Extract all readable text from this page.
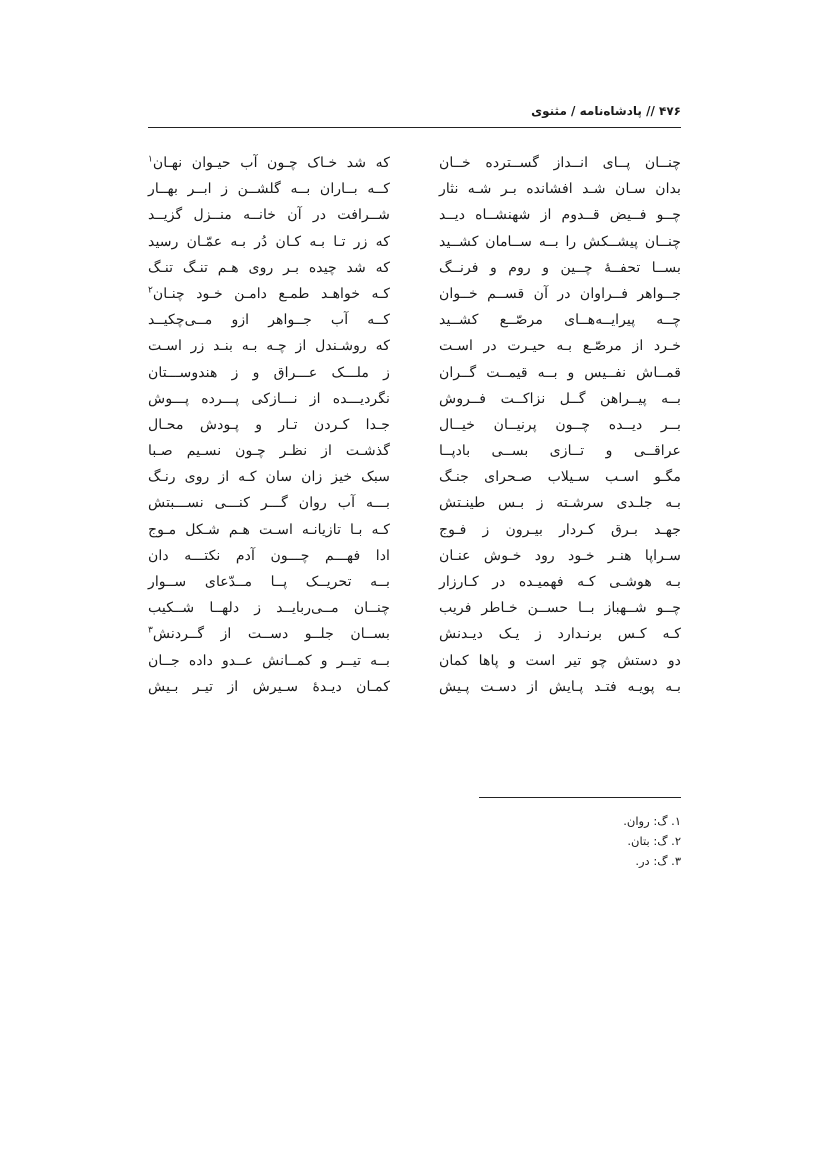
۴۷۶ // پادشاه‌نامه / مثنوی
چنــان پــای انــداز گســترده خــان
که شد خـاک چـون آب حیـوان نهـان$^۱$
بدان سـان شـد افشانده بـر شـه نثار
کــه بــاران بــه گلشــن ز ابــر بهــار
چــو فــیض قــدوم از شهنشــاه دیــد
شــرافت در آن خانــه منــزل گزیــد
چنــان پیشــکش را بــه ســامان کشــید
که زر تـا بـه کـان دُر بـه عمّـان رسید
بســا تحفــهٔ چــین و روم و فرنــگ
که شد چیده بـر روی هـم تنـگ تنـگ
جــواهر فــراوان در آن قســم خــوان
کـه خواهـد طمـع دامـن خـود چنـان$^۲$
چــه پیرایــه‌هــای مرصّــع کشــید
کــه آب جــواهر ازو مــی‌چکیــد
خـرد از مرصّـع بـه حیـرت در اسـت
که روشـندل از چـه بـه بنـد زر اسـت
قمــاش نفــیس و بــه قیمــت گــران
ز ملـــک عـــراق و ز هندوســـتان
بــه پیــراهن گــل نزاکــت فــروش
نگردیـــده از نـــازکی پـــرده پـــوش
بــر دیــده چــون پرنیــان خیــال
جـدا کـردن تـار و پـودش محـال
عراقــی و تــازی بســی بادپــا
گذشـت از نظـر چـون نسـیم صـبا
مگـو اسـب سـیلاب صـحرای جنـگ
سبک خیز زان سان کـه از روی رنـگ
بـه جلـدی سرشـته ز بـس طینـتش
بـــه آب روان گـــر کنـــی نســـبتش
جهـد بـرق کـردار بیـرون ز فـوج
کـه بـا تازیانـه اسـت هـم شـکل مـوج
سـراپا هنـر خـود رود خـوش عنـان
ادا فهـــم چـــون آدم نکتـــه دان
بـه هوشـی کـه فهمیـده در کـارزار
بــه تحریــک پــا مــدّعای ســوار
چــو شــهباز بــا حســن خـاطر فریب
چنــان مــی‌ربایــد ز دلهــا شــکیب
کـه کـس برنـدارد ز یـک دیـدنش
بســان جلــو دســت از گــردنش$^۳$
دو دستش چو تیر است و پاها کمان
بــه تیــر و کمــانش عــدو داده جــان
بـه پویـه فتـد پـایش از دسـت پـیش
کمـان دیـدهٔ سـیرش از تیـر بـیش
۱. گ: روان.
۲. گ: بتان.
۳. گ: در.
